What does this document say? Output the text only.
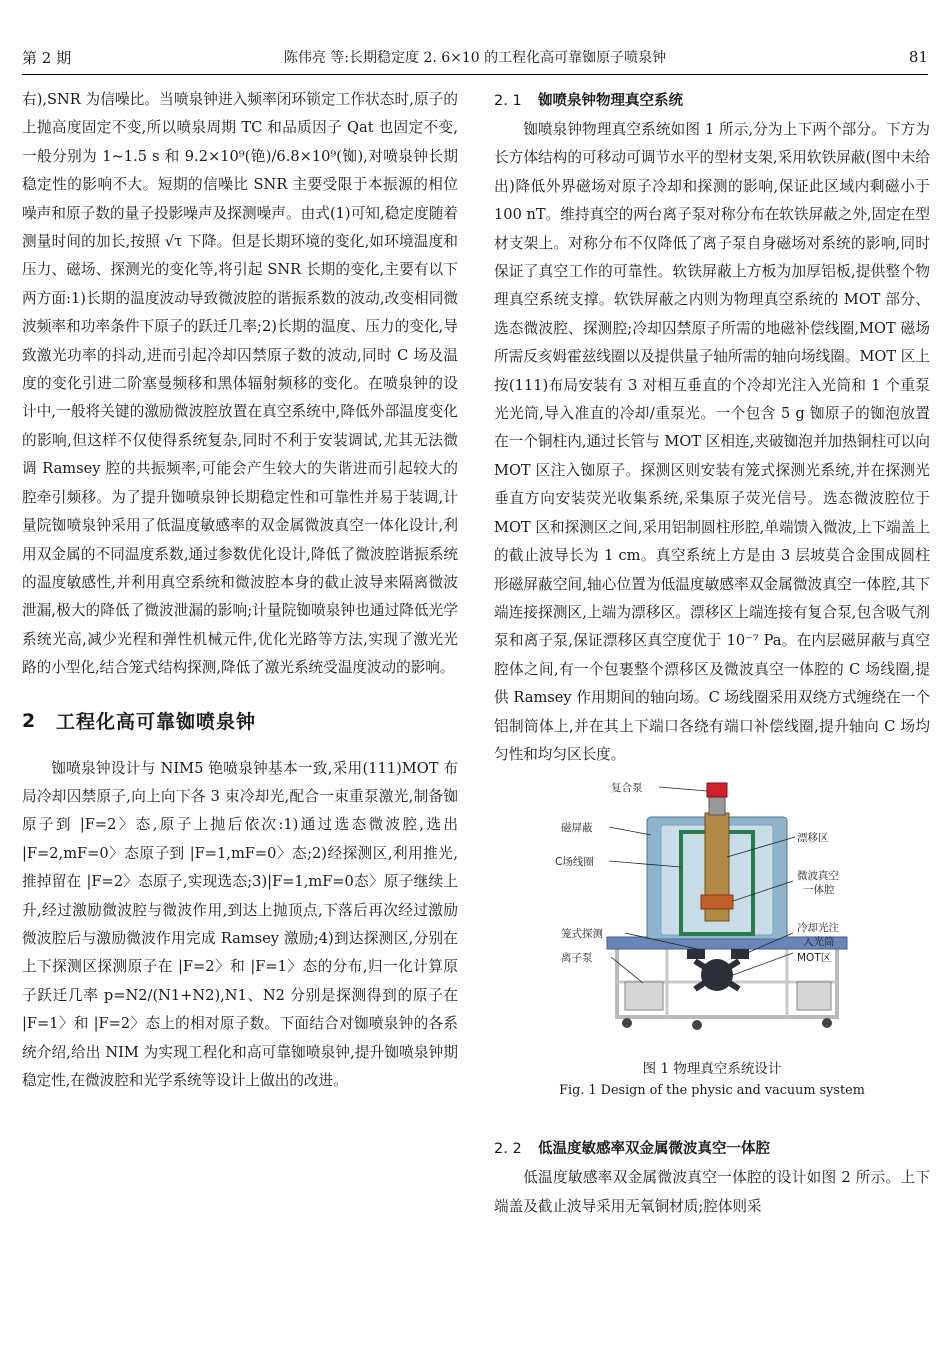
第 2 期	陈伟亮 等:长期稳定度 2. 6×10 的工程化高可靠铷原子喷泉钟	81

右),SNR 为信噪比。当喷泉钟进入频率闭环锁定工作状态时,原子的上抛高度固定不变,所以喷泉周期 TC 和品质因子 Qat 也固定不变,一般分别为 1~1.5 s 和 9.2×10⁹(铯)/6.8×10⁹(铷),对喷泉钟长期稳定性的影响不大。短期的信噪比 SNR 主要受限于本振源的相位噪声和原子数的量子投影噪声及探测噪声。由式(1)可知,稳定度随着测量时间的加长,按照 √τ 下降。但是长期环境的变化,如环境温度和压力、磁场、探测光的变化等,将引起 SNR 长期的变化,主要有以下两方面:1)长期的温度波动导致微波腔的谐振系数的波动,改变相同微波频率和功率条件下原子的跃迁几率;2)长期的温度、压力的变化,导致激光功率的抖动,进而引起冷却囚禁原子数的波动,同时 C 场及温度的变化引进二阶塞曼频移和黑体辐射频移的变化。在喷泉钟的设计中,一般将关键的激励微波腔放置在真空系统中,降低外部温度变化的影响,但这样不仅使得系统复杂,同时不利于安装调试,尤其无法微调 Ramsey 腔的共振频率,可能会产生较大的失谐进而引起较大的腔牵引频移。为了提升铷喷泉钟长期稳定性和可靠性并易于装调,计量院铷喷泉钟采用了低温度敏感率的双金属微波真空一体化设计,利用双金属的不同温度系数,通过参数优化设计,降低了微波腔谐振系统的温度敏感性,并利用真空系统和微波腔本身的截止波导来隔离微波泄漏,极大的降低了微波泄漏的影响;计量院铷喷泉钟也通过降低光学系统光高,减少光程和弹性机械元件,优化光路等方法,实现了激光光路的小型化,结合笼式结构探测,降低了激光系统受温度波动的影响。

2	工程化高可靠铷喷泉钟

铷喷泉钟设计与 NIM5 铯喷泉钟基本一致,采用(111)MOT 布局冷却囚禁原子,向上向下各 3 束冷却光,配合一束重泵激光,制备铷原子到 |F=2〉态,原子上抛后依次:1)通过选态微波腔,选出 |F=2,mF=0〉态原子到 |F=1,mF=0〉态;2)经探测区,利用推光,推掉留在 |F=2〉态原子,实现选态;3)|F=1,mF=0态〉原子继续上升,经过激励微波腔与微波作用,到达上抛顶点,下落后再次经过激励微波腔后与激励微波作用完成 Ramsey 激励;4)到达探测区,分别在上下探测区探测原子在 |F=2〉和 |F=1〉态的分布,归一化计算原子跃迁几率 p=N2/(N1+N2),N1、N2 分别是探测得到的原子在 |F=1〉和 |F=2〉态上的相对原子数。下面结合对铷喷泉钟的各系统介绍,给出 NIM 为实现工程化和高可靠铷喷泉钟,提升铷喷泉钟期稳定性,在微波腔和光学系统等设计上做出的改进。

2. 1 铷喷泉钟物理真空系统

铷喷泉钟物理真空系统如图 1 所示,分为上下两个部分。下方为长方体结构的可移动可调节水平的型材支架,采用软铁屏蔽(图中未给出)降低外界磁场对原子冷却和探测的影响,保证此区域内剩磁小于 100 nT。维持真空的两台离子泵对称分布在软铁屏蔽之外,固定在型材支架上。对称分布不仅降低了离子泵自身磁场对系统的影响,同时保证了真空工作的可靠性。软铁屏蔽上方板为加厚铝板,提供整个物理真空系统支撑。软铁屏蔽之内则为物理真空系统的 MOT 部分、选态微波腔、探测腔;冷却囚禁原子所需的地磁补偿线圈,MOT 磁场所需反亥姆霍兹线圈以及提供量子轴所需的轴向场线圈。MOT 区上按(111)布局安装有 3 对相互垂直的个冷却光注入光筒和 1 个重泵光光筒,导入准直的冷却/重泵光。一个包含 5 g 铷原子的铷泡放置在一个铜柱内,通过长管与 MOT 区相连,夹破铷泡并加热铜柱可以向 MOT 区注入铷原子。探测区则安装有笼式探测光系统,并在探测光垂直方向安装荧光收集系统,采集原子荧光信号。选态微波腔位于 MOT 区和探测区之间,采用铝制圆柱形腔,单端馈入微波,上下端盖上的截止波导长为 1 cm。真空系统上方是由 3 层坡莫合金围成圆柱形磁屏蔽空间,轴心位置为低温度敏感率双金属微波真空一体腔,其下端连接探测区,上端为漂移区。漂移区上端连接有复合泵,包含吸气剂泵和离子泵,保证漂移区真空度优于 10⁻⁷ Pa。在内层磁屏蔽与真空腔体之间,有一个包裹整个漂移区及微波真空一体腔的 C 场线圈,提供 Ramsey 作用期间的轴向场。C 场线圈采用双绕方式缠绕在一个铝制筒体上,并在其上下端口各绕有端口补偿线圈,提升轴向 C 场均匀性和均匀区长度。

复合泵
磁屏蔽
C场线圈
漂移区
微波真空
一体腔
冷却光注
入光筒
笼式探测
离子泵	MOT区
图 1 物理真空系统设计
Fig. 1 Design of the physic and vacuum system
2. 2 低温度敏感率双金属微波真空一体腔

低温度敏感率双金属微波真空一体腔的设计如图 2 所示。上下端盖及截止波导采用无氧铜材质;腔体则采
